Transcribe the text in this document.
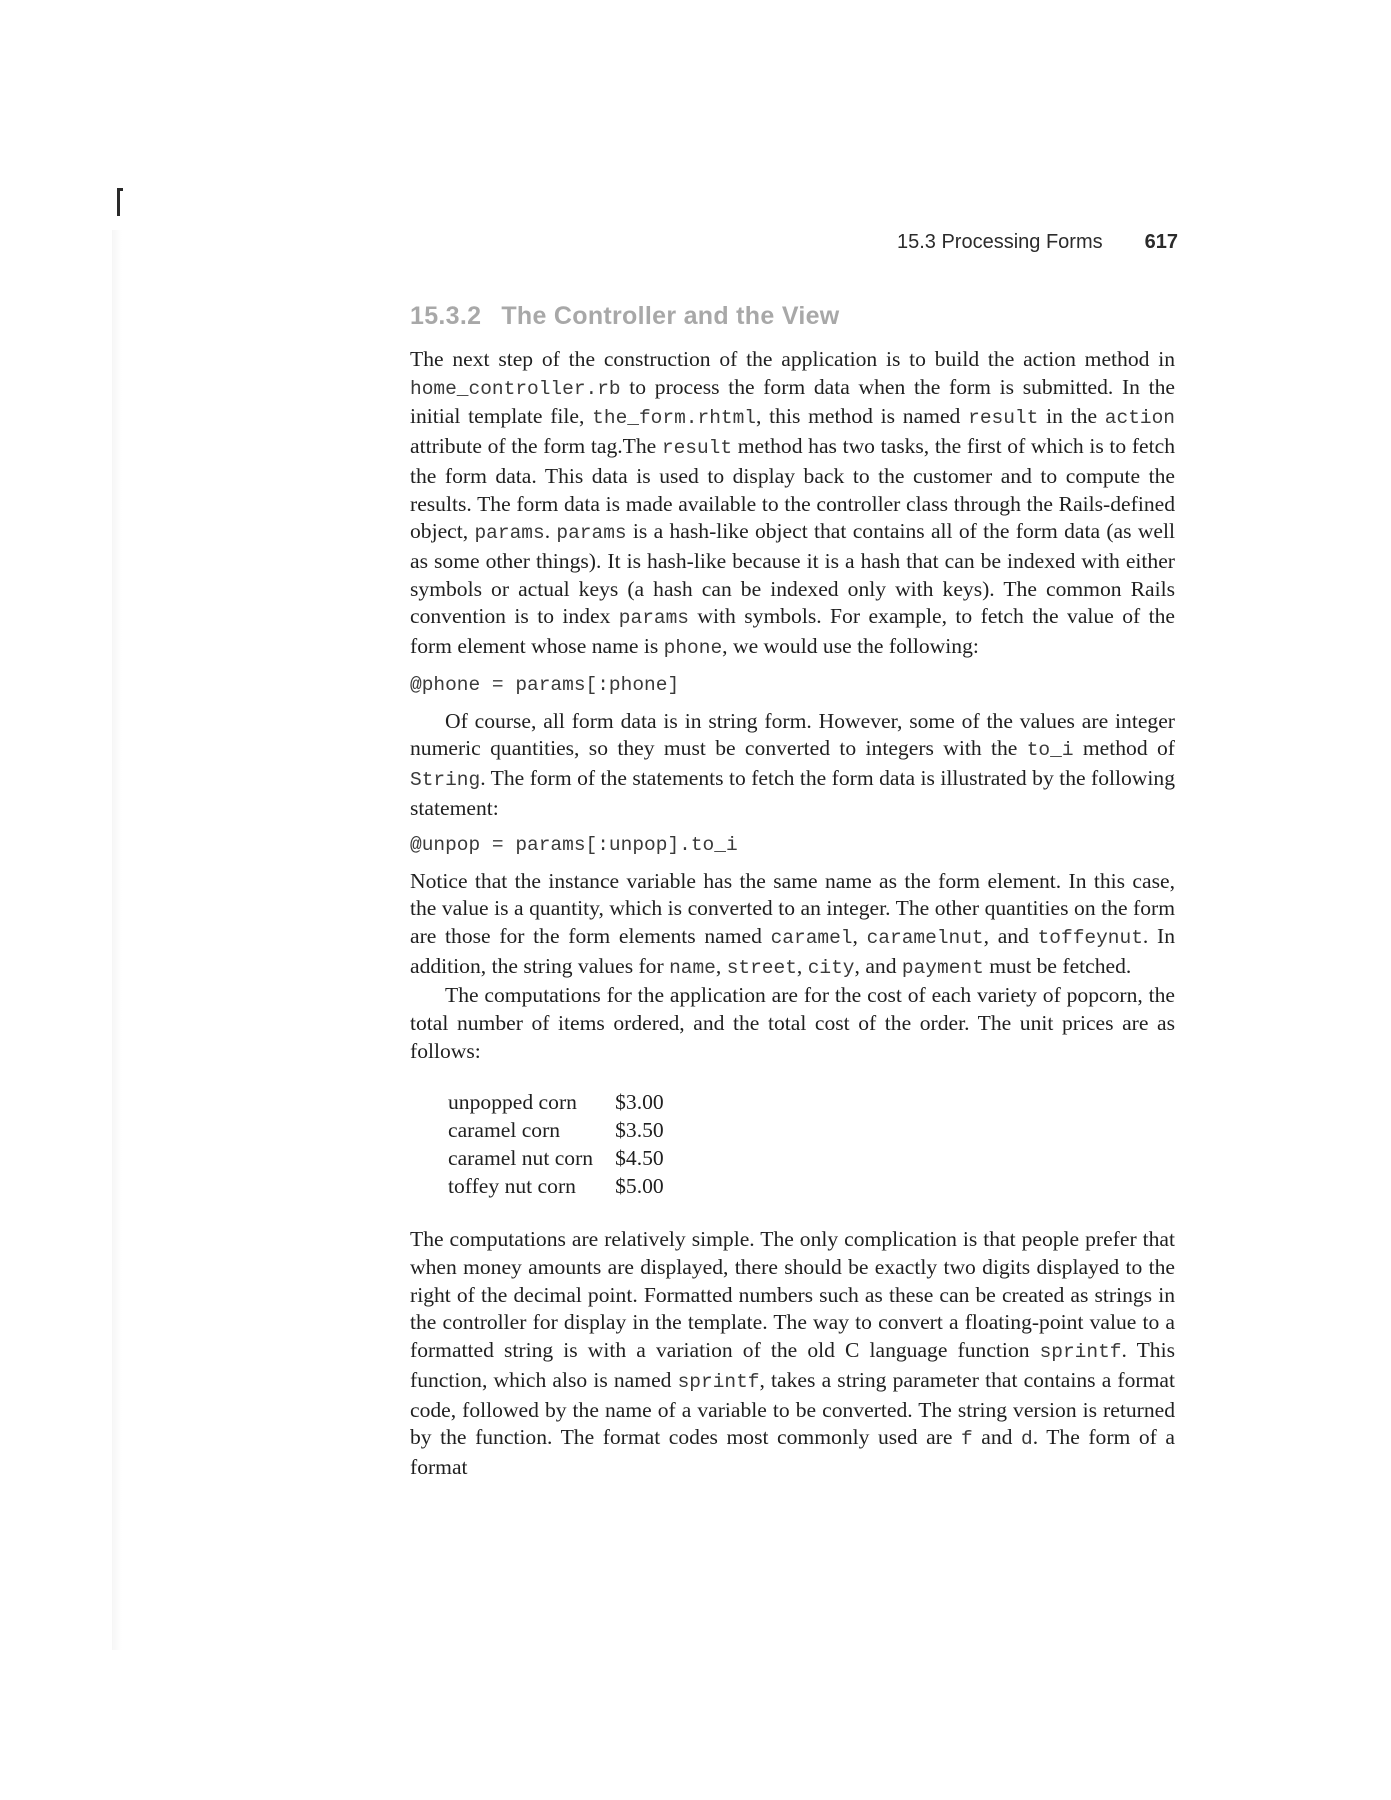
15.3 Processing Forms 617
15.3.2 The Controller and the View

The next step of the construction of the application is to build the action method in home_controller.rb to process the form data when the form is submitted. In the initial template file, the_form.rhtml, this method is named result in the action attribute of the form tag.The result method has two tasks, the first of which is to fetch the form data. This data is used to display back to the customer and to compute the results. The form data is made available to the controller class through the Rails-defined object, params. params is a hash-like object that contains all of the form data (as well as some other things). It is hash-like because it is a hash that can be indexed with either symbols or actual keys (a hash can be indexed only with keys). The common Rails convention is to index params with symbols. For example, to fetch the value of the form element whose name is phone, we would use the following:

@phone = params[:phone]

Of course, all form data is in string form. However, some of the values are integer numeric quantities, so they must be converted to integers with the to_i method of String. The form of the statements to fetch the form data is illustrated by the following statement:

@unpop = params[:unpop].to_i

Notice that the instance variable has the same name as the form element. In this case, the value is a quantity, which is converted to an integer. The other quantities on the form are those for the form elements named caramel, caramelnut, and toffeynut. In addition, the string values for name, street, city, and payment must be fetched.

The computations for the application are for the cost of each variety of popcorn, the total number of items ordered, and the total cost of the order. The unit prices are as follows:

unpopped corn	$3.00
caramel corn	$3.50
caramel nut corn	$4.50
toffey nut corn	$5.00

The computations are relatively simple. The only complication is that people prefer that when money amounts are displayed, there should be exactly two digits displayed to the right of the decimal point. Formatted numbers such as these can be created as strings in the controller for display in the template. The way to convert a floating-point value to a formatted string is with a variation of the old C language function sprintf. This function, which also is named sprintf, takes a string parameter that contains a format code, followed by the name of a variable to be converted. The string version is returned by the function. The format codes most commonly used are f and d. The form of a format
